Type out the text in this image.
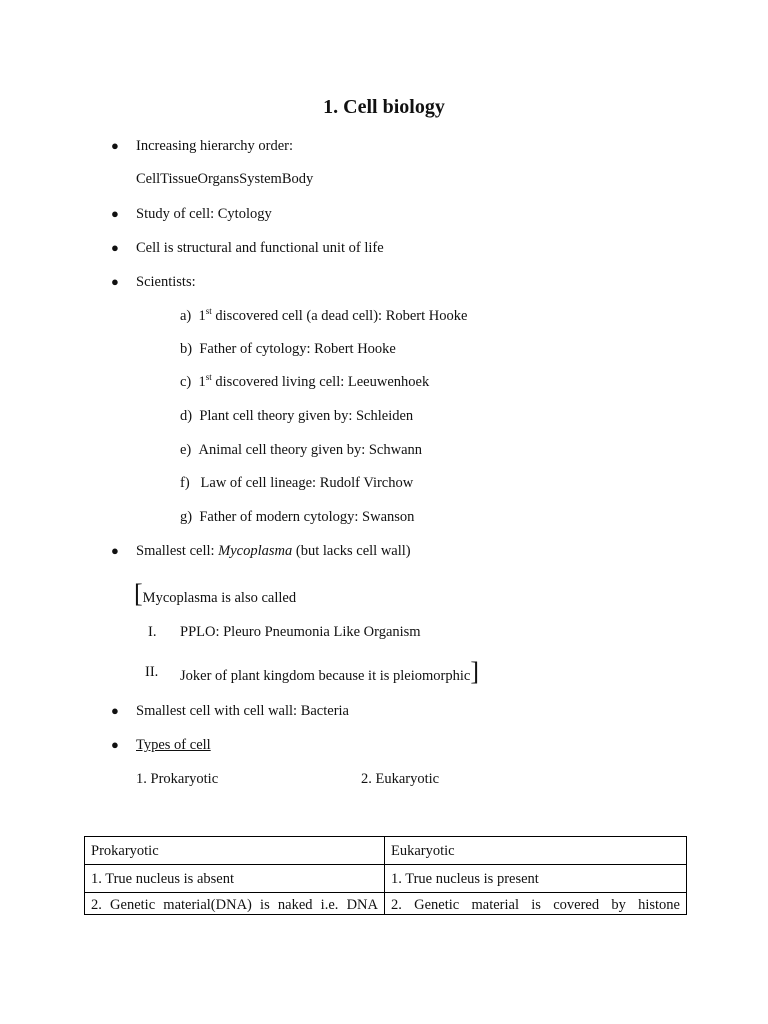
1. Cell biology
● Increasing hierarchy order:
CellTissueOrgansSystemBody
● Study of cell: Cytology
● Cell is structural and functional unit of life
● Scientists:
a) 1st discovered cell (a dead cell): Robert Hooke
b) Father of cytology: Robert Hooke
c) 1st discovered living cell: Leeuwenhoek
d) Plant cell theory given by: Schleiden
e) Animal cell theory given by: Schwann
f) Law of cell lineage: Rudolf Virchow
g) Father of modern cytology: Swanson
● Smallest cell: Mycoplasma (but lacks cell wall)
[Mycoplasma is also called
I. PPLO: Pleuro Pneumonia Like Organism
II. Joker of plant kingdom because it is pleiomorphic]
● Smallest cell with cell wall: Bacteria
● Types of cell
1. Prokaryotic	2. Eukaryotic
Prokaryotic	Eukaryotic
1. True nucleus is absent	1. True nucleus is present
2. Genetic material(DNA) is naked i.e. DNA	2. Genetic material is covered by histone
